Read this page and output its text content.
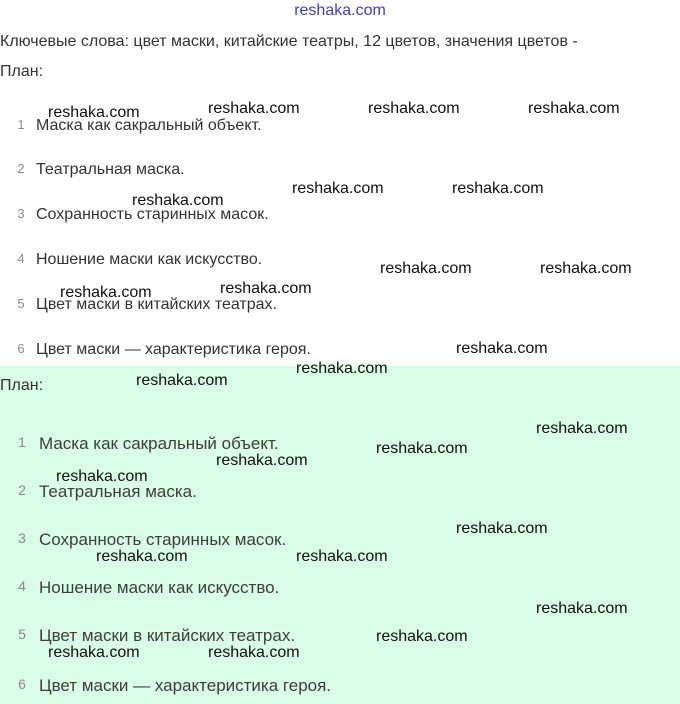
reshaka.com
Ключевые слова: цвет маски, китайские театры, 12 цветов, значения цветов -
План:
1 Маска как сакральный объект.
2 Театральная маска.
3 Сохранность старинных масок.
4 Ношение маски как искусство.
5 Цвет маски в китайских театрах.
6 Цвет маски — характеристика героя.
План:
1 Маска как сакральный объект.
2 Театральная маска.
3 Сохранность старинных масок.
4 Ношение маски как искусство.
5 Цвет маски в китайских театрах.
6 Цвет маски — характеристика героя.
reshaka.com	reshaka.com	reshaka.com	reshaka.com
reshaka.com
reshaka.com	reshaka.com
reshaka.com	reshaka.com
reshaka.com	reshaka.com
reshaka.com
reshaka.com
reshaka.com
reshaka.com
reshaka.com
reshaka.com
reshaka.com
reshaka.com
reshaka.com
reshaka.com
reshaka.com
reshaka.com
reshaka.com	reshaka.com
